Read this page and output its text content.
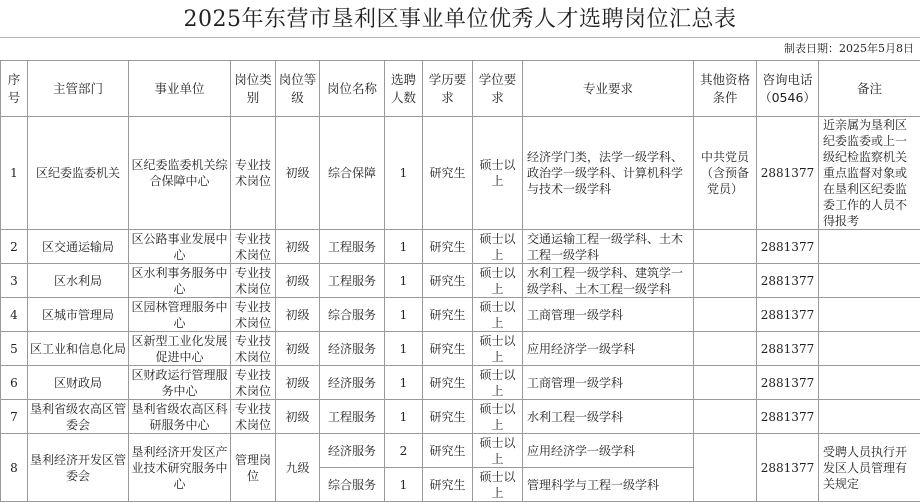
2025年东营市垦利区事业单位优秀人才选聘岗位汇总表
制表日期：2025年5月8日
序号	主管部门	事业单位	岗位类别	岗位等级	岗位名称	选聘人数	学历要求	学位要求	专业要求	其他资格条件	咨询电话（0546）	备注
1	区纪委监委机关	区纪委监委机关综合保障中心	专业技术岗位	初级	综合保障	1	研究生	硕士以上	经济学门类，法学一级学科、政治学一级学科、计算机科学与技术一级学科	中共党员（含预备党员）	2881377	近亲属为垦利区纪委监委或上一级纪检监察机关重点监督对象或在垦利区纪委监委工作的人员不得报考
2	区交通运输局	区公路事业发展中心	专业技术岗位	初级	工程服务	1	研究生	硕士以上	交通运输工程一级学科、土木工程一级学科		2881377	
3	区水利局	区水利事务服务中心	专业技术岗位	初级	工程服务	1	研究生	硕士以上	水利工程一级学科、建筑学一级学科、土木工程一级学科		2881377	
4	区城市管理局	区园林管理服务中心	专业技术岗位	初级	综合服务	1	研究生	硕士以上	工商管理一级学科		2881377	
5	区工业和信息化局	区新型工业化发展促进中心	专业技术岗位	初级	经济服务	1	研究生	硕士以上	应用经济学一级学科		2881377	
6	区财政局	区财政运行管理服务中心	专业技术岗位	初级	经济服务	1	研究生	硕士以上	工商管理一级学科		2881377	
7	垦利省级农高区管委会	垦利省级农高区科研服务中心	专业技术岗位	初级	工程服务	1	研究生	硕士以上	水利工程一级学科		2881377	
8	垦利经济开发区管委会	垦利经济开发区产业技术研究服务中心	管理岗位	九级	经济服务	2	研究生	硕士以上	应用经济学一级学科		2881377	受聘人员执行开发区人员管理有关规定
					综合服务	1	研究生	硕士以上	管理科学与工程一级学科			
